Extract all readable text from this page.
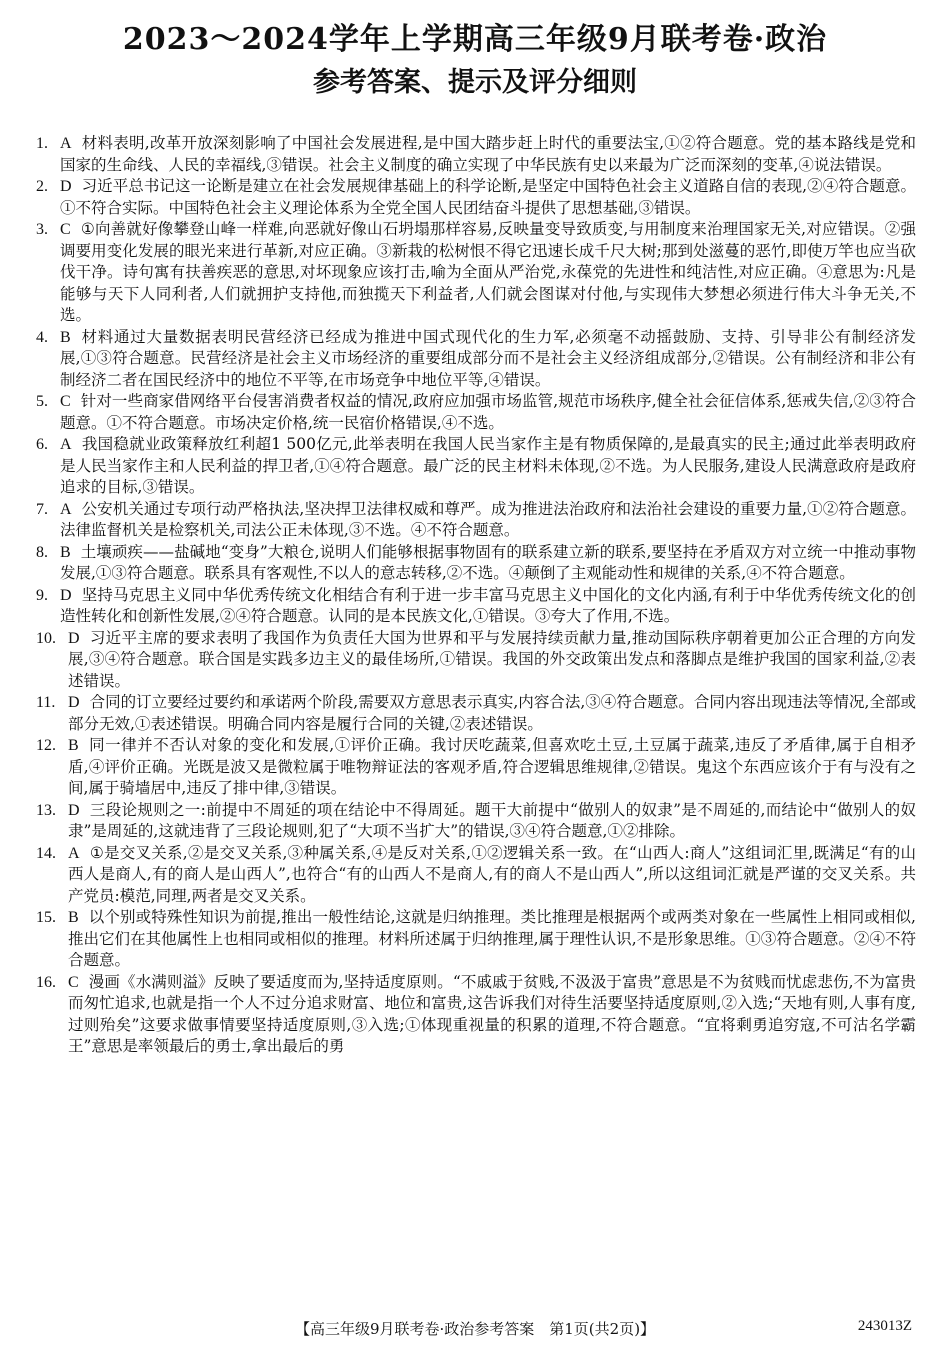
2023～2024学年上学期高三年级9月联考卷·政治
参考答案、提示及评分细则
1. A 材料表明,改革开放深刻影响了中国社会发展进程,是中国大踏步赶上时代的重要法宝,①②符合题意。党的基本路线是党和国家的生命线、人民的幸福线,③错误。社会主义制度的确立实现了中华民族有史以来最为广泛而深刻的变革,④说法错误。
2. D 习近平总书记这一论断是建立在社会发展规律基础上的科学论断,是坚定中国特色社会主义道路自信的表现,②④符合题意。①不符合实际。中国特色社会主义理论体系为全党全国人民团结奋斗提供了思想基础,③错误。
3. C ①向善就好像攀登山峰一样难,向恶就好像山石坍塌那样容易,反映量变导致质变,与用制度来治理国家无关,对应错误。②强调要用变化发展的眼光来进行革新,对应正确。③新栽的松树恨不得它迅速长成千尺大树;那到处滋蔓的恶竹,即使万竿也应当砍伐干净。诗句寓有扶善疾恶的意思,对坏现象应该打击,喻为全面从严治党,永葆党的先进性和纯洁性,对应正确。④意思为:凡是能够与天下人同利者,人们就拥护支持他,而独揽天下利益者,人们就会图谋对付他,与实现伟大梦想必须进行伟大斗争无关,不选。
4. B 材料通过大量数据表明民营经济已经成为推进中国式现代化的生力军,必须毫不动摇鼓励、支持、引导非公有制经济发展,①③符合题意。民营经济是社会主义市场经济的重要组成部分而不是社会主义经济组成部分,②错误。公有制经济和非公有制经济二者在国民经济中的地位不平等,在市场竞争中地位平等,④错误。
5. C 针对一些商家借网络平台侵害消费者权益的情况,政府应加强市场监管,规范市场秩序,健全社会征信体系,惩戒失信,②③符合题意。①不符合题意。市场决定价格,统一民宿价格错误,④不选。
6. A 我国稳就业政策释放红利超1 500亿元,此举表明在我国人民当家作主是有物质保障的,是最真实的民主;通过此举表明政府是人民当家作主和人民利益的捍卫者,①④符合题意。最广泛的民主材料未体现,②不选。为人民服务,建设人民满意政府是政府追求的目标,③错误。
7. A 公安机关通过专项行动严格执法,坚决捍卫法律权威和尊严。成为推进法治政府和法治社会建设的重要力量,①②符合题意。法律监督机关是检察机关,司法公正未体现,③不选。④不符合题意。
8. B 土壤顽疾——盐碱地“变身”大粮仓,说明人们能够根据事物固有的联系建立新的联系,要坚持在矛盾双方对立统一中推动事物发展,①③符合题意。联系具有客观性,不以人的意志转移,②不选。④颠倒了主观能动性和规律的关系,④不符合题意。
9. D 坚持马克思主义同中华优秀传统文化相结合有利于进一步丰富马克思主义中国化的文化内涵,有利于中华优秀传统文化的创造性转化和创新性发展,②④符合题意。认同的是本民族文化,①错误。③夸大了作用,不选。
10. D 习近平主席的要求表明了我国作为负责任大国为世界和平与发展持续贡献力量,推动国际秩序朝着更加公正合理的方向发展,③④符合题意。联合国是实践多边主义的最佳场所,①错误。我国的外交政策出发点和落脚点是维护我国的国家利益,②表述错误。
11. D 合同的订立要经过要约和承诺两个阶段,需要双方意思表示真实,内容合法,③④符合题意。合同内容出现违法等情况,全部或部分无效,①表述错误。明确合同内容是履行合同的关键,②表述错误。
12. B 同一律并不否认对象的变化和发展,①评价正确。我讨厌吃蔬菜,但喜欢吃土豆,土豆属于蔬菜,违反了矛盾律,属于自相矛盾,④评价正确。光既是波又是微粒属于唯物辩证法的客观矛盾,符合逻辑思维规律,②错误。鬼这个东西应该介于有与没有之间,属于骑墙居中,违反了排中律,③错误。
13. D 三段论规则之一:前提中不周延的项在结论中不得周延。题干大前提中“做别人的奴隶”是不周延的,而结论中“做别人的奴隶”是周延的,这就违背了三段论规则,犯了“大项不当扩大”的错误,③④符合题意,①②排除。
14. A ①是交叉关系,②是交叉关系,③种属关系,④是反对关系,①②逻辑关系一致。在“山西人:商人”这组词汇里,既满足“有的山西人是商人,有的商人是山西人”,也符合“有的山西人不是商人,有的商人不是山西人”,所以这组词汇就是严谨的交叉关系。共产党员:模范,同理,两者是交叉关系。
15. B 以个别或特殊性知识为前提,推出一般性结论,这就是归纳推理。类比推理是根据两个或两类对象在一些属性上相同或相似,推出它们在其他属性上也相同或相似的推理。材料所述属于归纳推理,属于理性认识,不是形象思维。①③符合题意。②④不符合题意。
16. C 漫画《水满则溢》反映了要适度而为,坚持适度原则。“不戚戚于贫贱,不汲汲于富贵”意思是不为贫贱而忧虑悲伤,不为富贵而匆忙追求,也就是指一个人不过分追求财富、地位和富贵,这告诉我们对待生活要坚持适度原则,②入选;“天地有则,人事有度,过则殆矣”这要求做事情要坚持适度原则,③入选;①体现重视量的积累的道理,不符合题意。“宜将剩勇追穷寇,不可沽名学霸王”意思是率领最后的勇士,拿出最后的勇
【高三年级9月联考卷·政治参考答案　第1页(共2页)】	243013Z
